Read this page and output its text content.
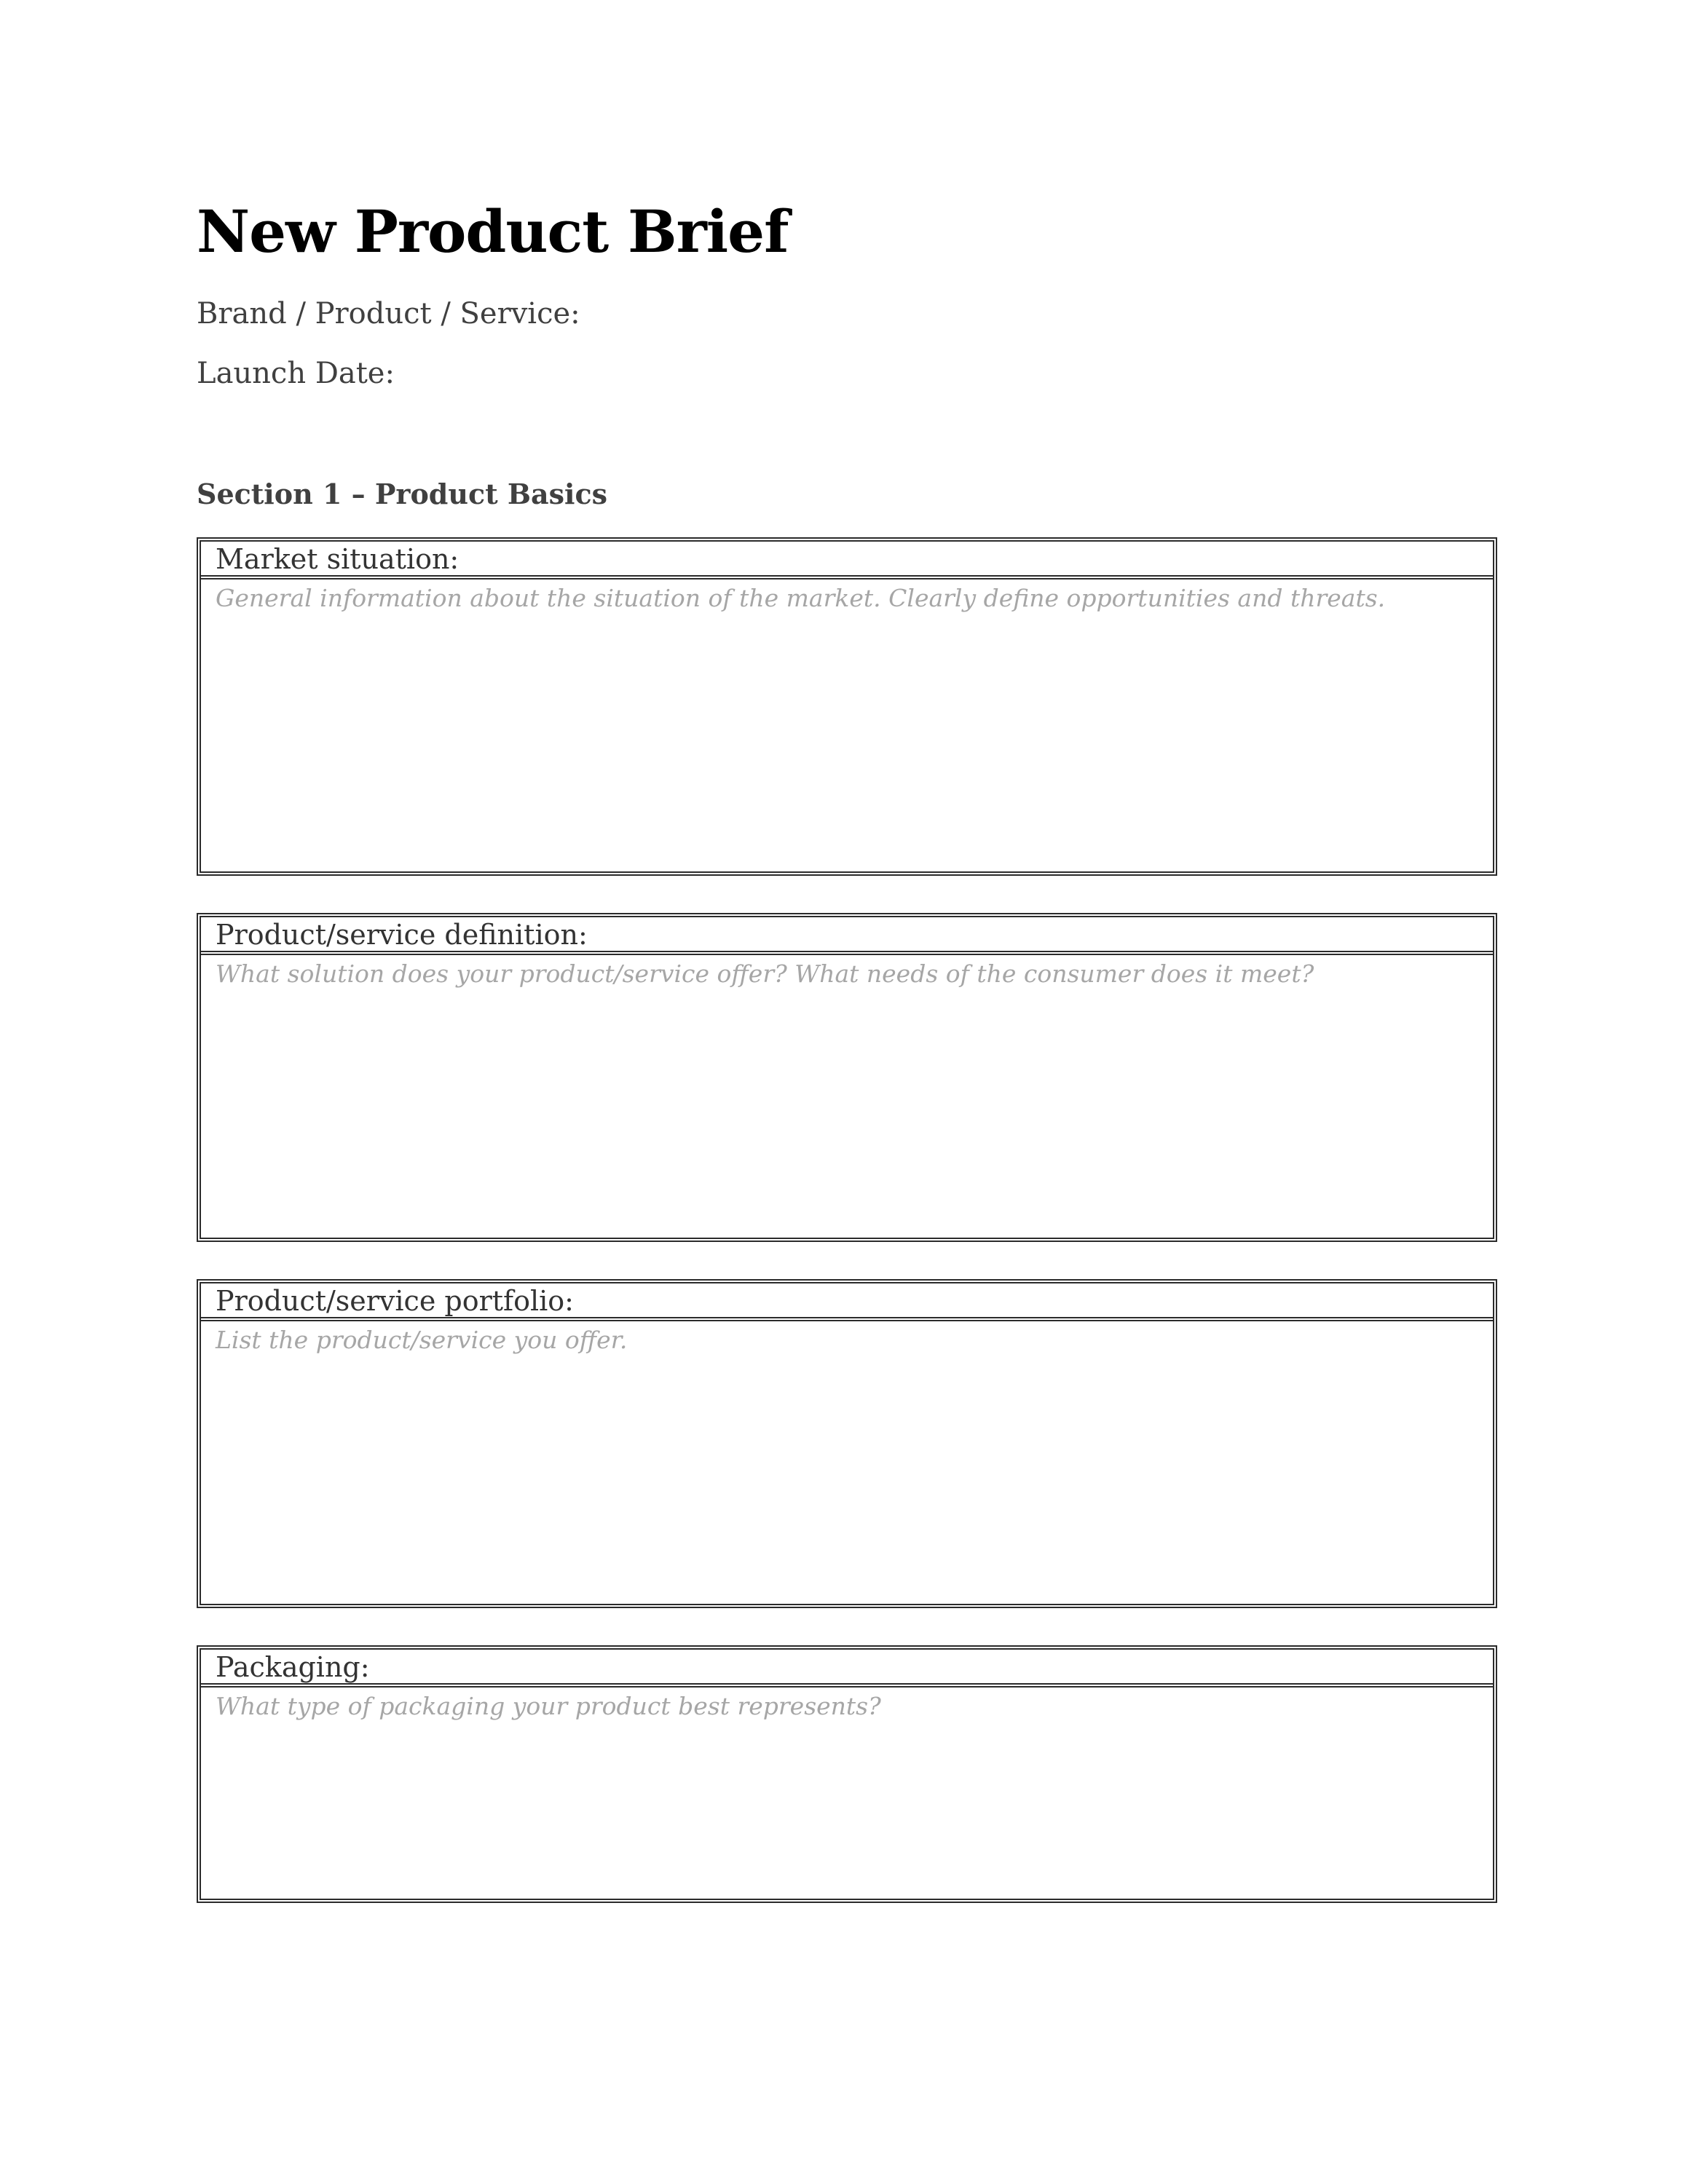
New Product Brief

Brand / Product / Service:

Launch Date:

Section 1 – Product Basics
Market situation:
General information about the situation of the market. Clearly define opportunities and threats.
Product/service definition:
What solution does your product/service offer? What needs of the consumer does it meet?
Product/service portfolio:
List the product/service you offer.
Packaging:
What type of packaging your product best represents?
